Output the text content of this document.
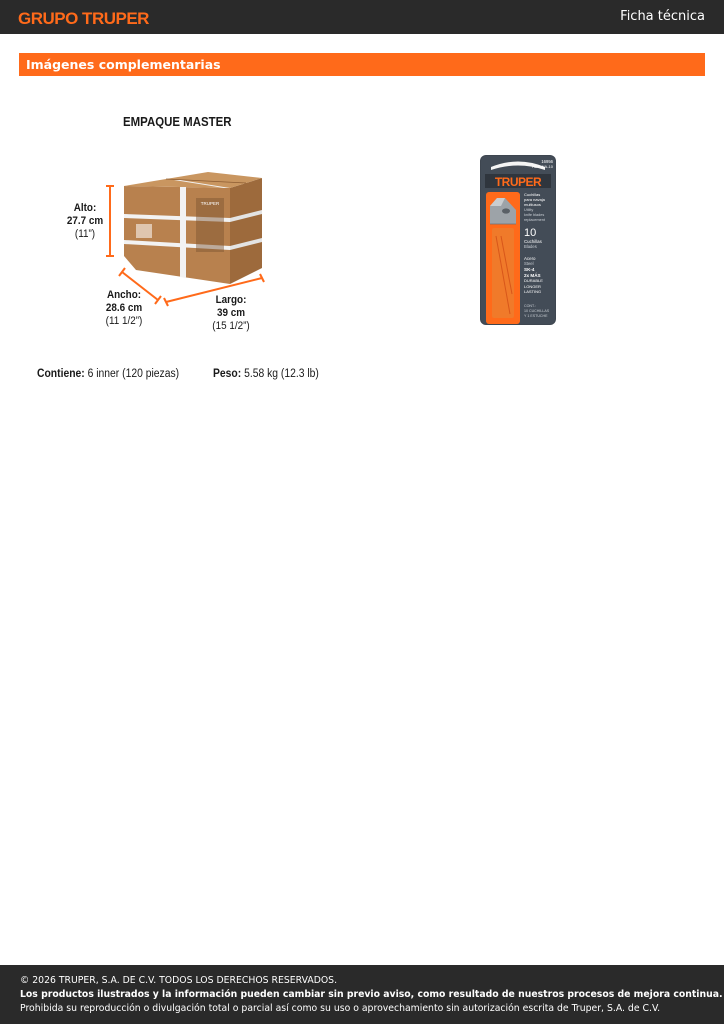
GRUPO TRUPER	Ficha técnica
Imágenes complementarias
EMPAQUE MASTER
TRUPER
Alto:
27.7 cm
(11”)
Ancho:
28.6 cm
(11 1/2”)
Largo:
39 cm
(15 1/2”)
Contiene: 6 inner (120 piezas)	Peso: 5.58 kg (12.3 lb)
16956
REP-NA-10
TRUPER
Cuchillas
para navaja
multiusos
Utility
knife blades
replacement
10
Cuchillas
Blades
Acero
Steel
SK-4
2x MÁS
DURABLE
LONGER
LASTING
CONT.:
10 CUCHILLAS
Y 1 ESTUCHE
© 2026 TRUPER, S.A. DE C.V. TODOS LOS DERECHOS RESERVADOS.
Los productos ilustrados y la información pueden cambiar sin previo aviso, como resultado de nuestros procesos de mejora continua.
Prohibida su reproducción o divulgación total o parcial así como su uso o aprovechamiento sin autorización escrita de Truper, S.A. de C.V.
